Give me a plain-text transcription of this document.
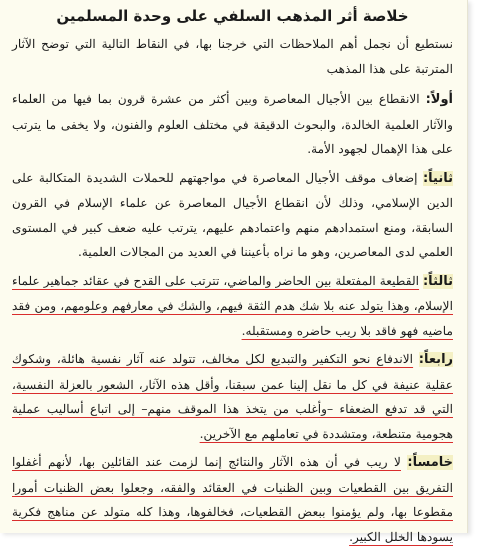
خلاصة أثر المذهب السلفي على وحدة المسلمين
نستطيع أن نجمل أهم الملاحظات التي خرجنا بها، في النقاط التالية التي توضح الآثار المترتبة على هذا المذهب
أولاً: الانقطاع بين الأجيال المعاصرة وبين أكثر من عشرة قرون بما فيها من العلماء والآثار العلمية الخالدة، والبحوث الدقيقة في مختلف العلوم والفنون، ولا يخفى ما يترتب على هذا الإهمال لجهود الأمة.
ثانياً: إضعاف موقف الأجيال المعاصرة في مواجهتهم للحملات الشديدة المتكالبة على الدين الإسلامي، وذلك لأن انقطاع الأجيال المعاصرة عن علماء الإسلام في القرون السابقة، ومنع استمدادهم منهم واعتمادهم عليهم، يترتب عليه ضعف كبير في المستوى العلمي لدى المعاصرين، وهو ما نراه بأعيننا في العديد من المجالات العلمية.
ثالثاً: القطيعة المفتعلة بين الحاضر والماضي، تترتب على القدح في عقائد جماهير علماء الإسلام، وهذا يتولد عنه بلا شك هدم الثقة فيهم، والشك في معارفهم وعلومهم، ومن فقد ماضيه فهو فاقد بلا ريب حاضره ومستقبله.
رابعاً: الاندفاع نحو التكفير والتبديع لكل مخالف، تتولد عنه آثار نفسية هائلة، وشكوك عقلية عنيفة في كل ما نقل إلينا عمن سبقنا، وأقل هذه الآثار، الشعور بالعزلة النفسية، التي قد تدفع الضعفاء –وأغلب من يتخذ هذا الموقف منهم– إلى اتباع أساليب عملية هجومية متنطعة، ومتشددة في تعاملهم مع الآخرين.
خامساً: لا ريب في أن هذه الآثار والنتائج إنما لزمت عند القائلين بها، لأنهم أغفلوا التفريق بين القطعيات وبين الظنيات في العقائد والفقه، وجعلوا بعض الظنيات أمورا مقطوعا بها، ولم يؤمنوا ببعض القطعيات، فخالفوها، وهذا كله متولد عن مناهج فكرية يسودها الخلل الكبير.
